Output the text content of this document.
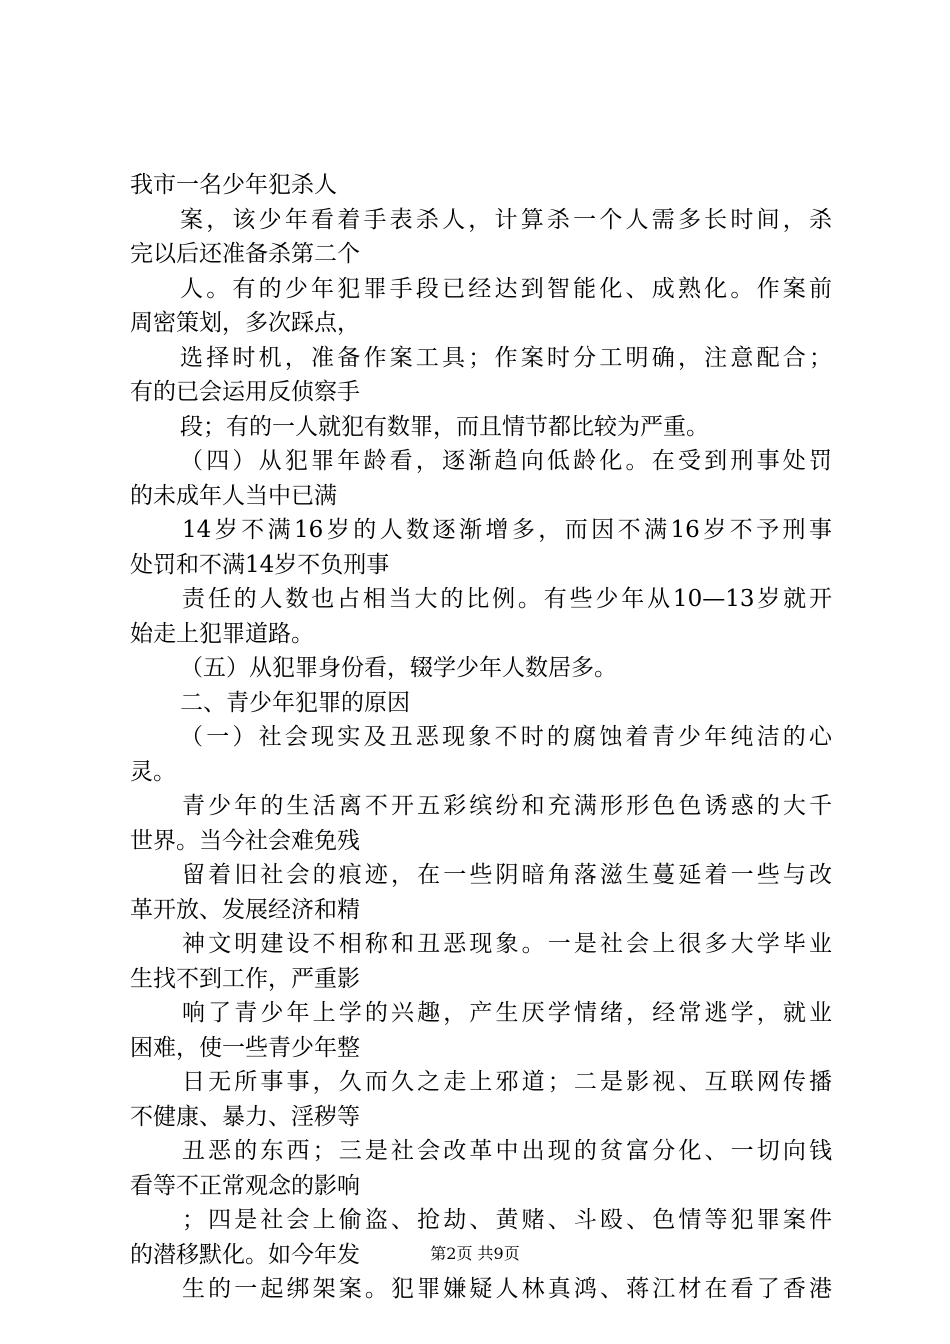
我市一名少年犯杀人
案，该少年看着手表杀人，计算杀一个人需多长时间，杀
完以后还准备杀第二个
人。有的少年犯罪手段已经达到智能化、成熟化。作案前
周密策划，多次踩点，
选择时机，准备作案工具；作案时分工明确，注意配合；
有的已会运用反侦察手
段；有的一人就犯有数罪，而且情节都比较为严重。
（四）从犯罪年龄看，逐渐趋向低龄化。在受到刑事处罚
的未成年人当中已满
14岁不满16岁的人数逐渐增多，而因不满16岁不予刑事
处罚和不满14岁不负刑事
责任的人数也占相当大的比例。有些少年从10—13岁就开
始走上犯罪道路。
（五）从犯罪身份看，辍学少年人数居多。
二、青少年犯罪的原因
（一）社会现实及丑恶现象不时的腐蚀着青少年纯洁的心
灵。
青少年的生活离不开五彩缤纷和充满形形色色诱惑的大千
世界。当今社会难免残
留着旧社会的痕迹，在一些阴暗角落滋生蔓延着一些与改
革开放、发展经济和精
神文明建设不相称和丑恶现象。一是社会上很多大学毕业
生找不到工作，严重影
响了青少年上学的兴趣，产生厌学情绪，经常逃学，就业
困难，使一些青少年整
日无所事事，久而久之走上邪道；二是影视、互联网传播
不健康、暴力、淫秽等
丑恶的东西；三是社会改革中出现的贫富分化、一切向钱
看等不正常观念的影响
；四是社会上偷盗、抢劫、黄赌、斗殴、色情等犯罪案件
的潜移默化。如今年发
生的一起绑架案。犯罪嫌疑人林真鸿、蒋江材在看了香港
第2页 共9页
